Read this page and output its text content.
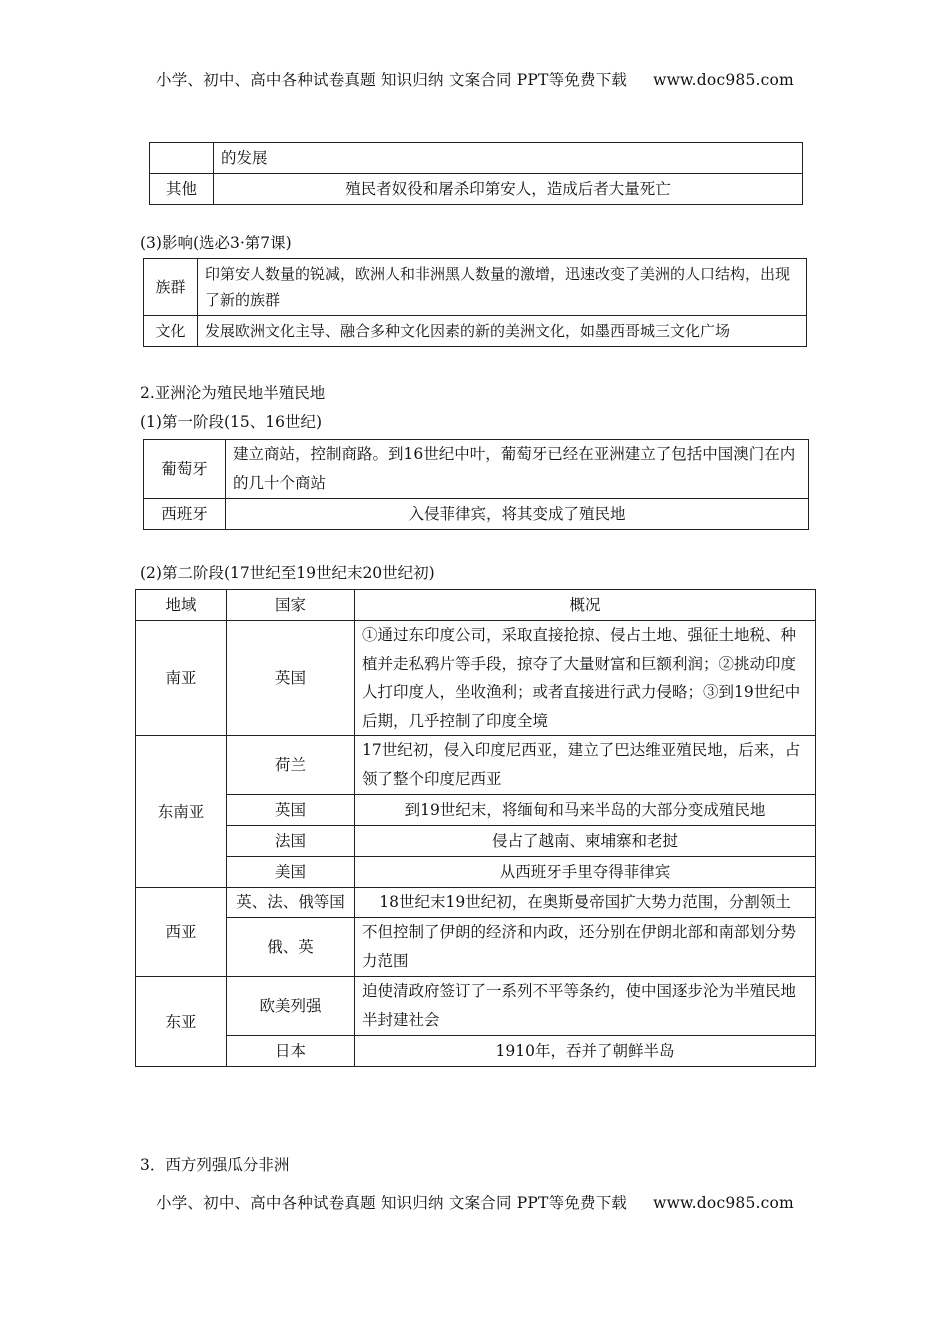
小学、初中、高中各种试卷真题 知识归纳 文案合同 PPT等免费下载 www.doc985.com
	的发展
其他	殖民者奴役和屠杀印第安人，造成后者大量死亡
(3)影响(选必3·第7课)
族群	印第安人数量的锐减，欧洲人和非洲黑人数量的激增，迅速改变了美洲的人口结构，出现了新的族群
文化	发展欧洲文化主导、融合多种文化因素的新的美洲文化，如墨西哥城三文化广场
2.亚洲沦为殖民地半殖民地
(1)第一阶段(15、16世纪)
葡萄牙	建立商站，控制商路。到16世纪中叶，葡萄牙已经在亚洲建立了包括中国澳门在内的几十个商站
西班牙	入侵菲律宾，将其变成了殖民地
(2)第二阶段(17世纪至19世纪末20世纪初)
地域	国家	概况
南亚	英国	①通过东印度公司，采取直接抢掠、侵占土地、强征土地税、种植并走私鸦片等手段，掠夺了大量财富和巨额利润；②挑动印度人打印度人，坐收渔利；或者直接进行武力侵略；③到19世纪中后期，几乎控制了印度全境
东南亚	荷兰	17世纪初，侵入印度尼西亚，建立了巴达维亚殖民地，后来，占领了整个印度尼西亚
	英国	到19世纪末，将缅甸和马来半岛的大部分变成殖民地
	法国	侵占了越南、柬埔寨和老挝
	美国	从西班牙手里夺得菲律宾
西亚	英、法、俄等国	18世纪末19世纪初，在奥斯曼帝国扩大势力范围，分割领土
	俄、英	不但控制了伊朗的经济和内政，还分别在伊朗北部和南部划分势力范围
东亚	欧美列强	迫使清政府签订了一系列不平等条约，使中国逐步沦为半殖民地半封建社会
	日本	1910年，吞并了朝鲜半岛
3．西方列强瓜分非洲
小学、初中、高中各种试卷真题 知识归纳 文案合同 PPT等免费下载 www.doc985.com
